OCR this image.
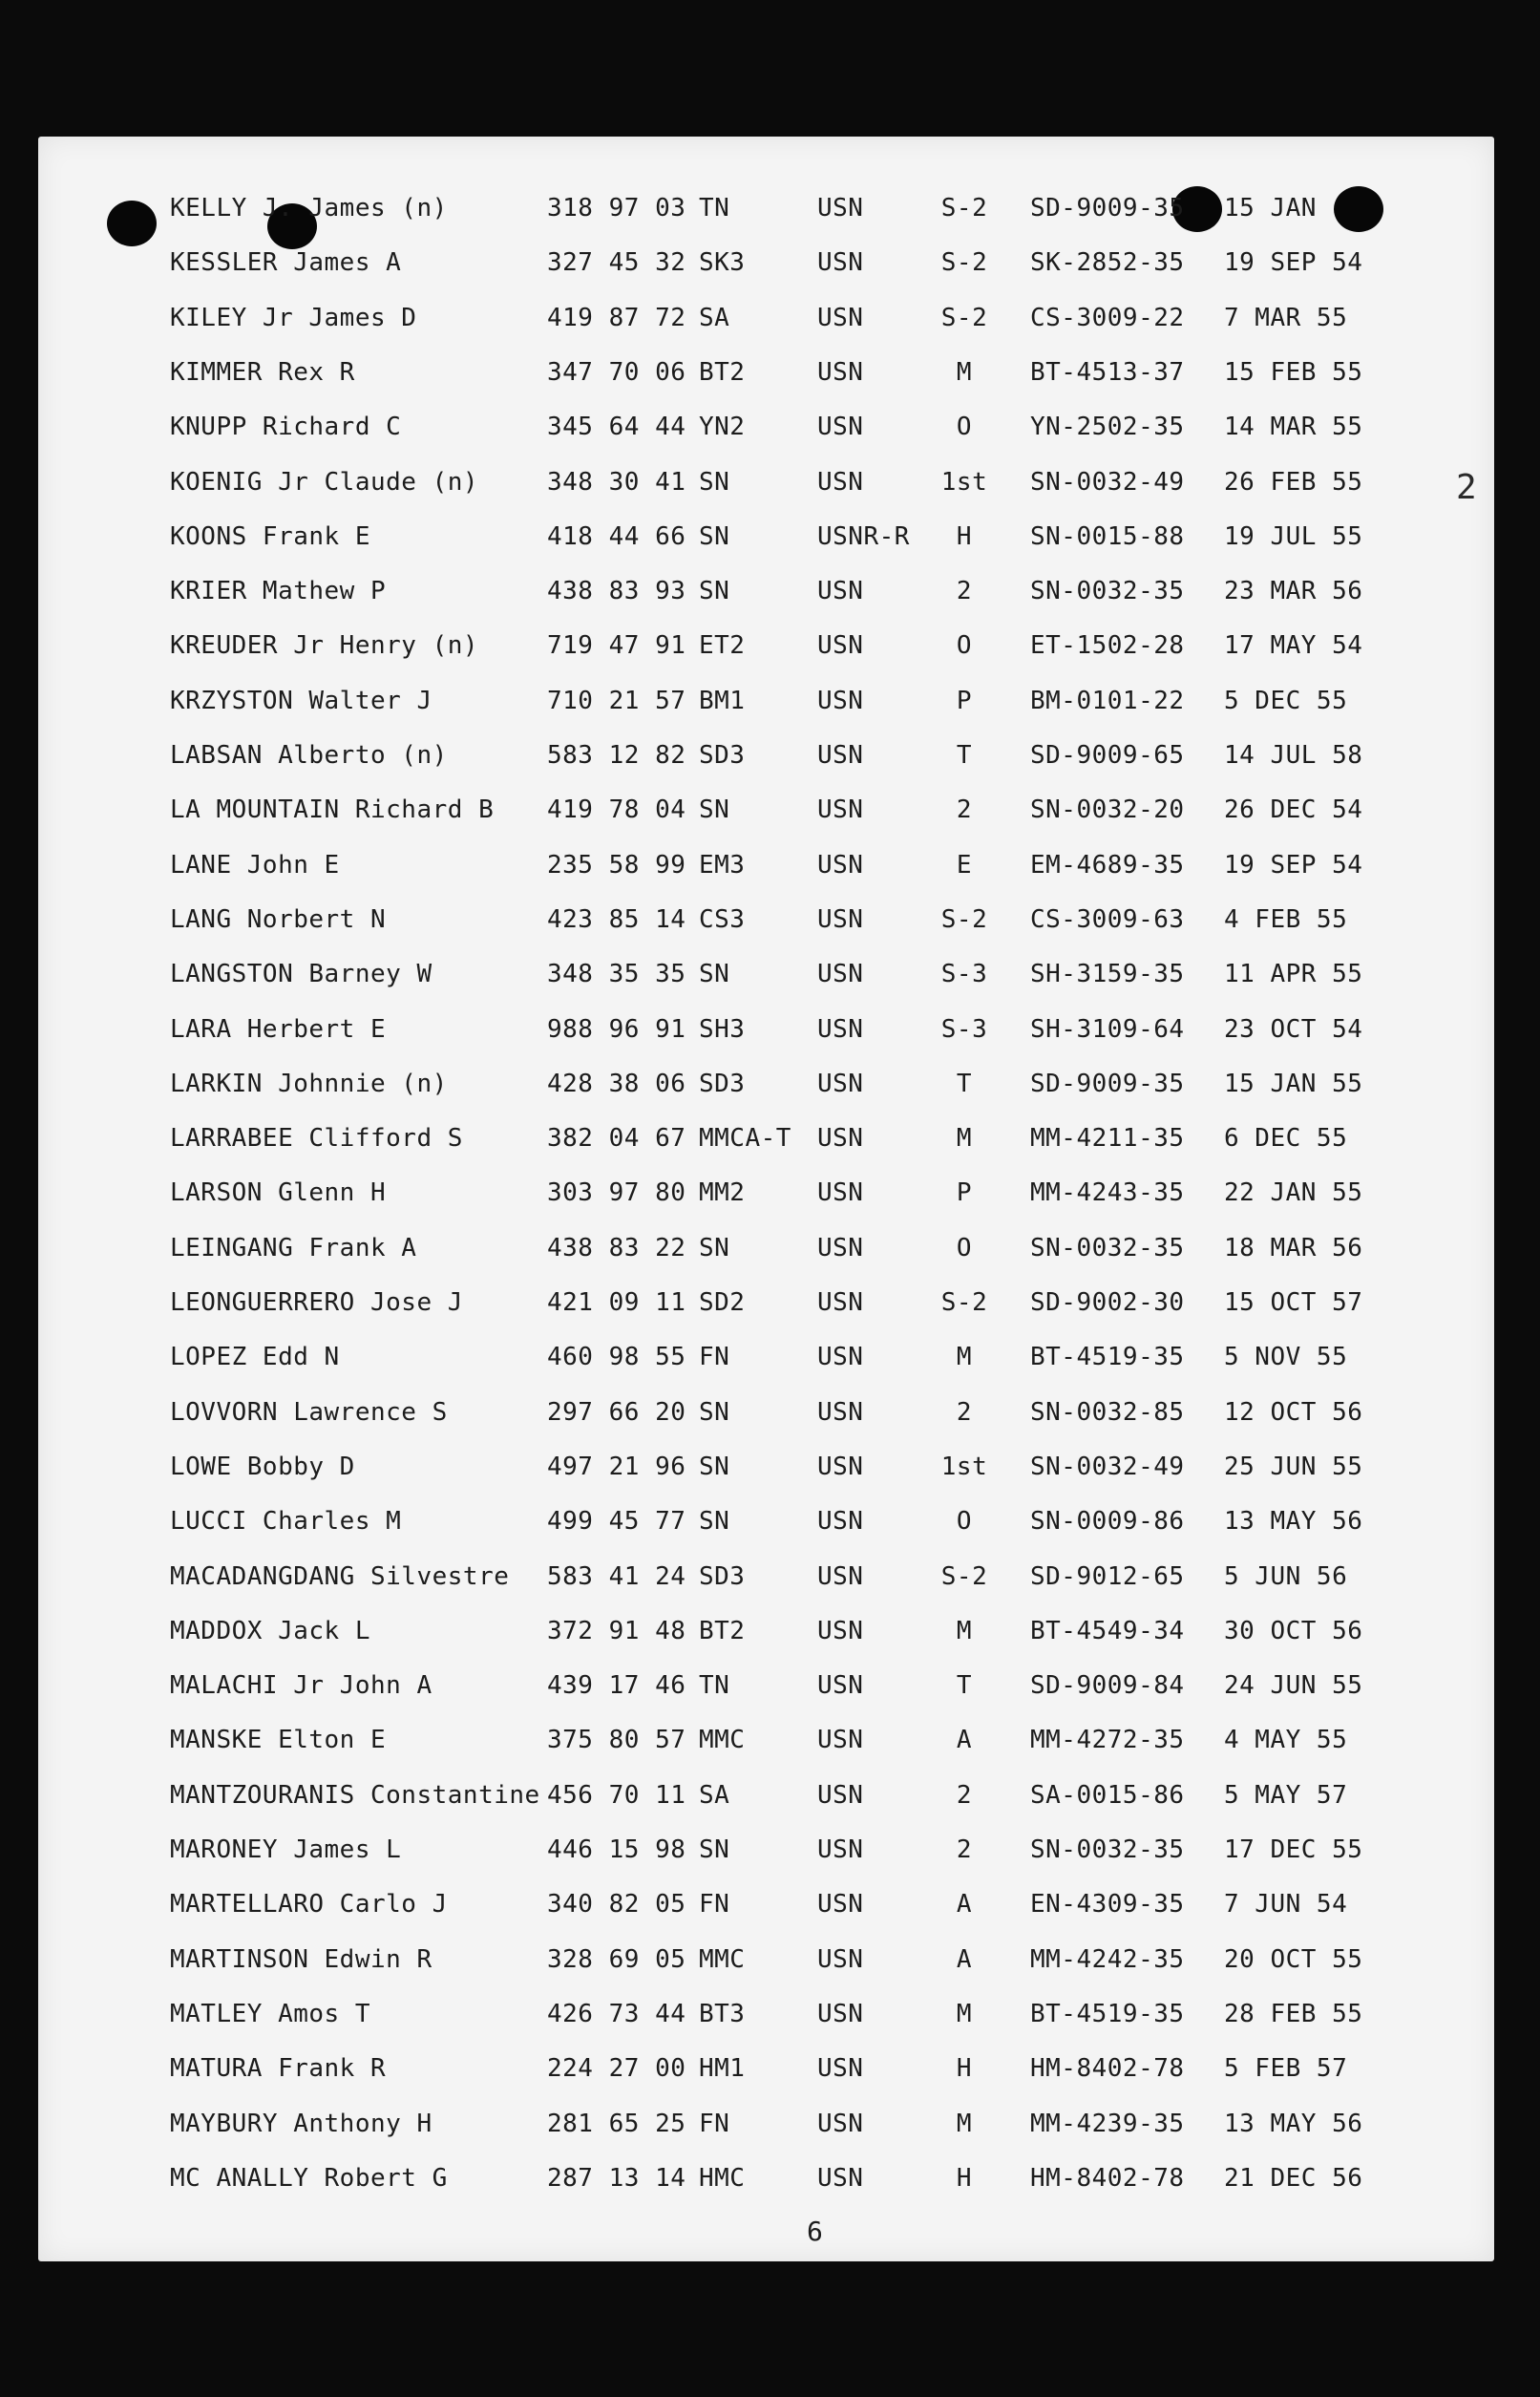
KELLY J. James (n)	318 97 03 TN	USN	S-2	SD-9009-35 15 JAN
KESSLER James A	327 45 32 SK3	USN	S-2	SK-2852-35 19 SEP 54
KILEY Jr James D	419 87 72 SA	USN	S-2	CS-3009-22 7 MAR 55
KIMMER Rex R	347 70 06 BT2	USN	M	BT-4513-37 15 FEB 55
KNUPP Richard C	345 64 44 YN2	USN	O	YN-2502-35 14 MAR 55
KOENIG Jr Claude (n)	348 30 41 SN	USN	1st	SN-0032-49 26 FEB 55
KOONS Frank E	418 44 66 SN	USNR-R	H	SN-0015-88 19 JUL 55
KRIER Mathew P	438 83 93 SN	USN	2	SN-0032-35 23 MAR 56
KREUDER Jr Henry (n)	719 47 91 ET2	USN	O	ET-1502-28 17 MAY 54
KRZYSTON Walter J	710 21 57 BM1	USN	P	BM-0101-22 5 DEC 55
LABSAN Alberto (n)	583 12 82 SD3	USN	T	SD-9009-65 14 JUL 58
LA MOUNTAIN Richard B 419 78 04 SN	USN	2	SN-0032-20 26 DEC 54
LANE John E	235 58 99 EM3	USN	E	EM-4689-35 19 SEP 54
LANG Norbert N	423 85 14 CS3	USN	S-2	CS-3009-63 4 FEB 55
LANGSTON Barney W	348 35 35 SN	USN	S-3	SH-3159-35 11 APR 55
LARA Herbert E	988 96 91 SH3	USN	S-3	SH-3109-64 23 OCT 54
LARKIN Johnnie (n)	428 38 06 SD3	USN	T	SD-9009-35 15 JAN 55
LARRABEE Clifford S	382 04 67 MMCA-T USN	M	MM-4211-35 6 DEC 55
LARSON Glenn H	303 97 80 MM2	USN	P	MM-4243-35 22 JAN 55
LEINGANG Frank A	438 83 22 SN	USN	O	SN-0032-35 18 MAR 56
LEONGUERRERO Jose J	421 09 11 SD2	USN	S-2	SD-9002-30 15 OCT 57
LOPEZ Edd N	460 98 55 FN	USN	M	BT-4519-35 5 NOV 55
LOVVORN Lawrence S	297 66 20 SN	USN	2	SN-0032-85 12 OCT 56
LOWE Bobby D	497 21 96 SN	USN	1st	SN-0032-49 25 JUN 55
LUCCI Charles M	499 45 77 SN	USN	O	SN-0009-86 13 MAY 56
MACADANGDANG Silvestre 583 41 24 SD3	USN	S-2	SD-9012-65 5 JUN 56
MADDOX Jack L	372 91 48 BT2	USN	M	BT-4549-34 30 OCT 56
MALACHI Jr John A	439 17 46 TN	USN	T	SD-9009-84 24 JUN 55
MANSKE Elton E	375 80 57 MMC	USN	A	MM-4272-35 4 MAY 55
MANTZOURANIS Constantine 456 70 11 SA	USN	2	SA-0015-86 5 MAY 57
MARONEY James L	446 15 98 SN	USN	2	SN-0032-35 17 DEC 55
MARTELLARO Carlo J	340 82 05 FN	USN	A	EN-4309-35 7 JUN 54
MARTINSON Edwin R	328 69 05 MMC	USN	A	MM-4242-35 20 OCT 55
MATLEY Amos T	426 73 44 BT3	USN	M	BT-4519-35 28 FEB 55
MATURA Frank R	224 27 00 HM1	USN	H	HM-8402-78 5 FEB 57
MAYBURY Anthony H	281 65 25 FN	USN	M	MM-4239-35 13 MAY 56
MC ANALLY Robert G	287 13 14 HMC	USN	H	HM-8402-78 21 DEC 56
6
2
